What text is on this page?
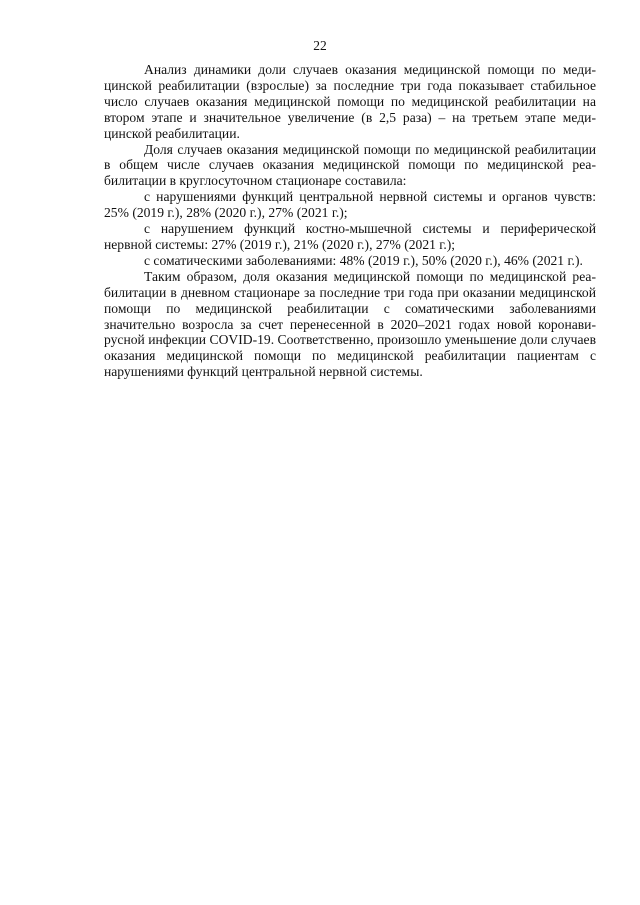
22

Анализ динамики доли случаев оказания медицинской помощи по медицинской реабилитации (взрослые) за последние три года показывает стабильное число случаев оказания медицинской помощи по медицинской реабилитации на втором этапе и значительное увеличение (в 2,5 раза) – на третьем этапе медицинской реабилитации.

Доля случаев оказания медицинской помощи по медицинской реабилитации в общем числе случаев оказания медицинской помощи по медицинской реабилитации в круглосуточном стационаре составила:

с нарушениями функций центральной нервной системы и органов чувств: 25% (2019 г.), 28% (2020 г.), 27% (2021 г.);

с нарушением функций костно-мышечной системы и периферической нервной системы: 27% (2019 г.), 21% (2020 г.), 27% (2021 г.);

с соматическими заболеваниями: 48% (2019 г.), 50% (2020 г.), 46% (2021 г.).

Таким образом, доля оказания медицинской помощи по медицинской реабилитации в дневном стационаре за последние три года при оказании медицинской помощи по медицинской реабилитации с соматическими заболеваниями значительно возросла за счет перенесенной в 2020–2021 годах новой коронавирусной инфекции COVID-19. Соответственно, произошло уменьшение доли случаев оказания медицинской помощи по медицинской реабилитации пациентам с нарушениями функций центральной нервной системы.
